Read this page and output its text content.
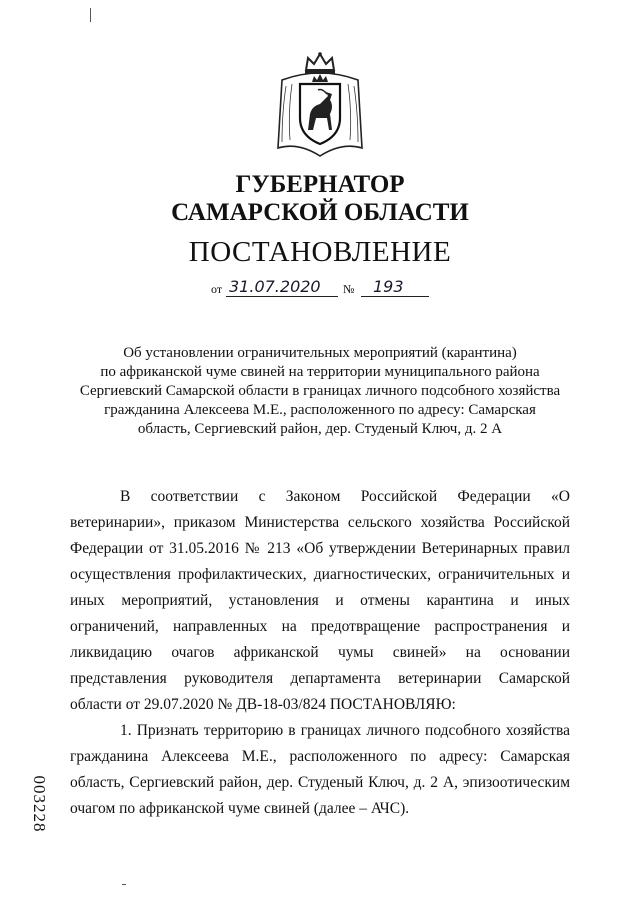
ГУБЕРНАТОР
САМАРСКОЙ ОБЛАСТИ
ПОСТАНОВЛЕНИЕ
от 31.07.2020 № 193
Об установлении ограничительных мероприятий (карантина)
по африканской чуме свиней на территории муниципального района
Сергиевский Самарской области в границах личного подсобного хозяйства
гражданина Алексеева М.Е., расположенного по адресу: Самарская
область, Сергиевский район, дер. Студеный Ключ, д. 2 А

В соответствии с Законом Российской Федерации «О ветеринарии», приказом Министерства сельского хозяйства Российской Федерации от 31.05.2016 № 213 «Об утверждении Ветеринарных правил осуществления профилактических, диагностических, ограничительных и иных мероприятий, установления и отмены карантина и иных ограничений, направленных на предотвращение распространения и ликвидацию очагов африканской чумы свиней» на основании представления руководителя департамента ветеринарии Самарской области от 29.07.2020 № ДВ-18-03/824 ПОСТАНОВЛЯЮ:

1. Признать территорию в границах личного подсобного хозяйства гражданина Алексеева М.Е., расположенного по адресу: Самарская область, Сергиевский район, дер. Студеный Ключ, д. 2 А, эпизоотическим очагом по африканской чуме свиней (далее – АЧС).

003228
